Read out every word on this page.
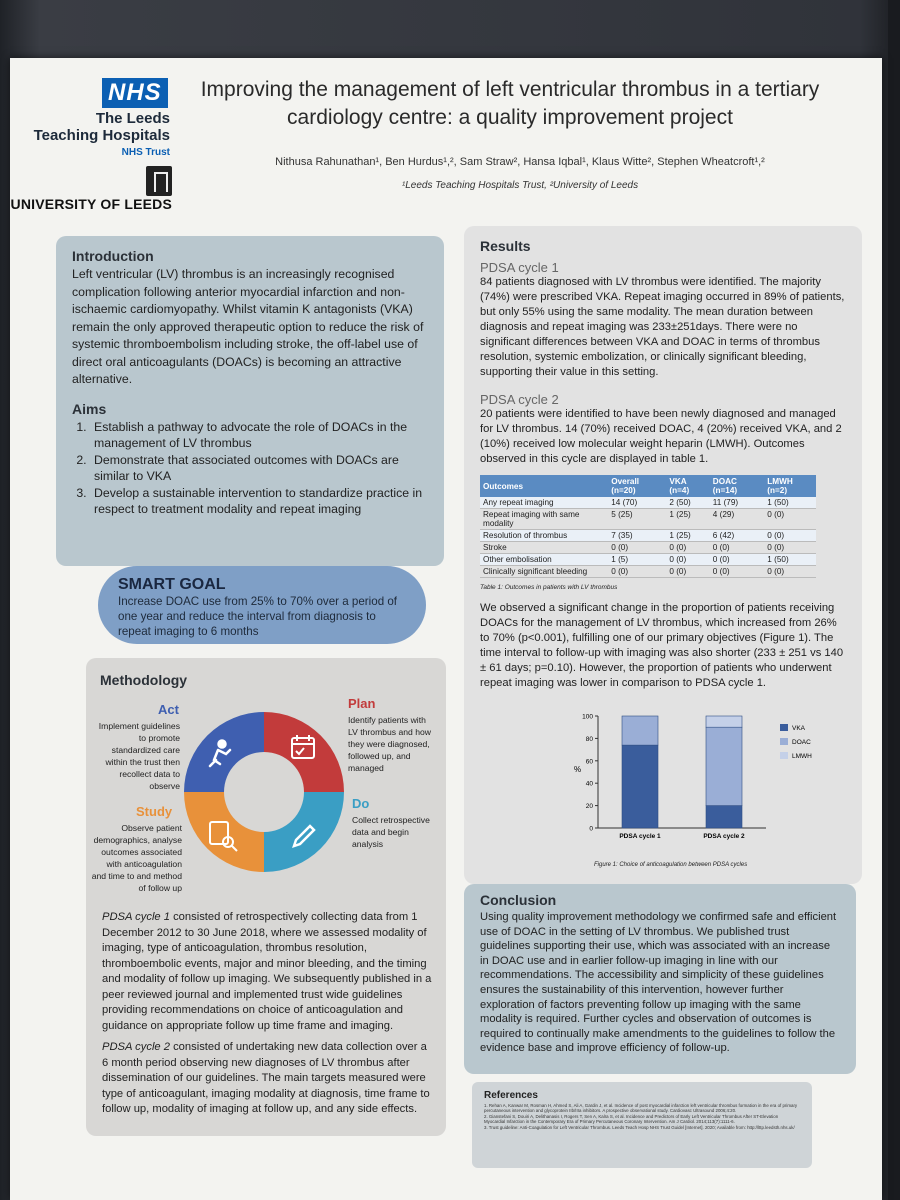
NHS
The Leeds
Teaching Hospitals
NHS Trust
UNIVERSITY OF LEEDS
Improving the management of left ventricular thrombus in a tertiary cardiology centre: a quality improvement project
Nithusa Rahunathan¹, Ben Hurdus¹,², Sam Straw², Hansa Iqbal¹, Klaus Witte², Stephen Wheatcroft¹,²
¹Leeds Teaching Hospitals Trust, ²University of Leeds
Introduction

Left ventricular (LV) thrombus is an increasingly recognised complication following anterior myocardial infarction and non-ischaemic cardiomyopathy. Whilst vitamin K antagonists (VKA) remain the only approved therapeutic option to reduce the risk of systemic thromboembolism including stroke, the off-label use of direct oral anticoagulants (DOACs) is becoming an attractive alternative.

Aims
1. Establish a pathway to advocate the role of DOACs in the management of LV thrombus
2. Demonstrate that associated outcomes with DOACs are similar to VKA
3. Develop a sustainable intervention to standardize practice in respect to treatment modality and repeat imaging
SMART GOAL

Increase DOAC use from 25% to 70% over a period of one year and reduce the interval from diagnosis to repeat imaging to 6 months

Methodology
Act
Implement guidelines to promote standardized care within the trust then recollect data to observe
Plan
Identify patients with LV thrombus and how they were diagnosed, followed up, and managed
Do
Collect retrospective data and begin analysis
Study
Observe patient demographics, analyse outcomes associated with anticoagulation and time to and method of follow up
PDSA cycle 1 consisted of retrospectively collecting data from 1 December 2012 to 30 June 2018, where we assessed modality of imaging, type of anticoagulation, thrombus resolution, thromboembolic events, major and minor bleeding, and the timing and modality of follow up imaging. We subsequently published in a peer reviewed journal and implemented trust wide guidelines providing recommendations on choice of anticoagulation and guidance on appropriate follow up time frame and imaging.
PDSA cycle 2 consisted of undertaking new data collection over a 6 month period observing new diagnoses of LV thrombus after dissemination of our guidelines. The main targets measured were type of anticoagulant, imaging modality at diagnosis, time frame to follow up, modality of imaging at follow up, and any side effects.
Results
PDSA cycle 1

84 patients diagnosed with LV thrombus were identified. The majority (74%) were prescribed VKA. Repeat imaging occurred in 89% of patients, but only 55% using the same modality. The mean duration between diagnosis and repeat imaging was 233±251days. There were no significant differences between VKA and DOAC in terms of thrombus resolution, systemic embolization, or clinically significant bleeding, supporting their value in this setting.

PDSA cycle 2

20 patients were identified to have been newly diagnosed and managed for LV thrombus. 14 (70%) received DOAC, 4 (20%) received VKA, and 2 (10%) received low molecular weight heparin (LMWH). Outcomes observed in this cycle are displayed in table 1.

Outcomes	Overall (n=20)	VKA (n=4)	DOAC (n=14)	LMWH (n=2)
Any repeat imaging	14 (70)	2 (50)	11 (79)	1 (50)
Repeat imaging with same modality	5 (25)	1 (25)	4 (29)	0 (0)
Resolution of thrombus	7 (35)	1 (25)	6 (42)	0 (0)
Stroke	0 (0)	0 (0)	0 (0)	0 (0)
Other embolisation	1 (5)	0 (0)	0 (0)	1 (50)
Clinically significant bleeding	0 (0)	0 (0)	0 (0)	0 (0)
Table 1: Outcomes in patients with LV thrombus

We observed a significant change in the proportion of patients receiving DOACs for the management of LV thrombus, which increased from 26% to 70% (p<0.001), fulfilling one of our primary objectives (Figure 1). The time interval to follow-up with imaging was also shorter (233 ± 251 vs 140 ± 61 days; p=0.10). However, the proportion of patients who underwent repeat imaging was lower in comparison to PDSA cycle 1.

0
20
40
60
80
100
%
PDSA cycle 1	PDSA cycle 2
VKA
DOAC
LMWH
Figure 1: Choice of anticoagulation between PDSA cycles
Conclusion

Using quality improvement methodology we confirmed safe and efficient use of DOAC in the setting of LV thrombus. We published trust guidelines supporting their use, which was associated with an increase in DOAC use and in earlier follow-up imaging in line with our recommendations. The accessibility and simplicity of these guidelines ensures the sustainability of this intervention, however further exploration of factors preventing follow up imaging with the same modality is required. Further cycles and observation of outcomes is required to continually make amendments to the guidelines to follow the evidence base and improve efficiency of follow-up.

References
1. Rehan A, Kanwar M, Rosman H, Ahmed S, Ali A, Gardin J, et al. Incidence of post myocardial infarction left ventricular thrombus formation in the era of primary percutaneous intervention and glycoprotein IIb/IIIa inhibitors. A prospective observational study. Cardiovasc Ultrasound 2006;4:20.
2. Gianstefani S, Douiri A, Delithanasis I, Rogers T, Sen A, Kalra S, et al. Incidence and Predictors of Early Left Ventricular Thrombus After ST-Elevation Myocardial Infarction in the Contemporary Era of Primary Percutaneous Coronary Intervention. Am J Cardiol. 2014;113(7):1111-6.
3. Trust guideline: Anti-Coagulation for Left Ventricular Thrombus. Leeds Teach Hosp NHS Trust Guidel [Internet]. 2020; Available from: http://lttp.leedsth.nhs.uk/
